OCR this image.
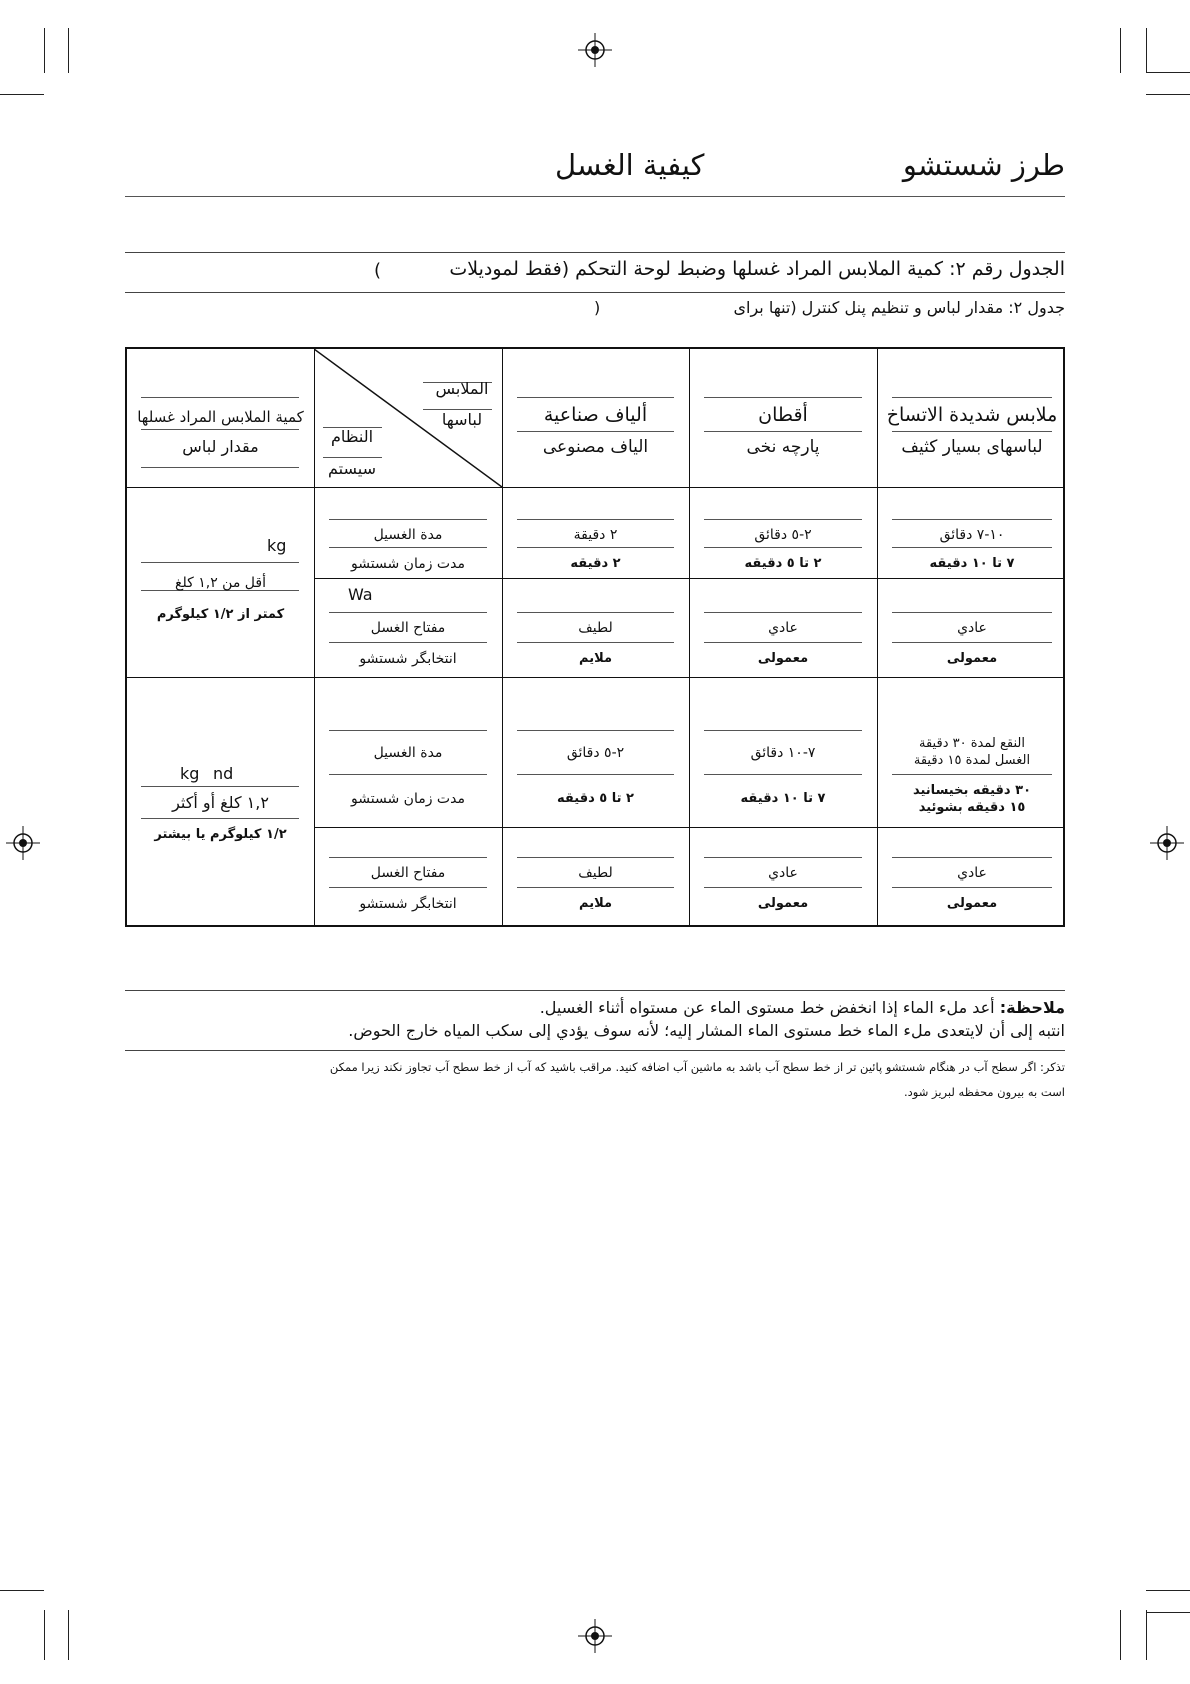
كيفية الغسل	طرز شستشو
الجدول رقم ٢: كمية الملابس المراد غسلها وضبط لوحة التحكم (فقط لموديلات
(
جدول ٢: مقدار لباس و تنظيم پنل كنترل (تنها براى
)
كمية الملابس المراد غسلها
مقدار لباس
الملابس
لباسها
النظام
سيستم
ملابس شديدة الاتساخ
لباسهاى بسيار كثيف
أقطان
پارچه نخى
ألياف صناعية
الياف مصنوعى
kg
أقل من ١,٢ كلغ
كمتر از ١/٢ كيلوگرم
مدة الغسيل
مدت زمان شستشو
Wa
مفتاح الغسل
انتخابگر شستشو
١٠-٧ دقائق
٧ تا ١٠ دقيقه
٢-٥ دقائق
٢ تا ٥ دقيقه
٢ دقيقة
٢ دقيقه
عادي
معمولى
عادي
معمولى
لطيف
ملايم
kg nd
١,٢ كلغ أو أكثر
١/٢ كيلوگرم يا بيشتر
مدة الغسيل
مدت زمان شستشو
مفتاح الغسل
انتخابگر شستشو
النقع لمدة ٣٠ دقيقة
الغسل لمدة ١٥ دقيقة
٣٠ دقيقه بخيسانيد
١٥ دقيقه بشوئيد
٧-١٠ دقائق
٧ تا ١٠ دقيقه
٢-٥ دقائق
٢ تا ٥ دقيقه
عادي
معمولى
عادي
معمولى
لطيف
ملايم
ملاحظة: أعد ملء الماء إذا انخفض خط مستوى الماء عن مستواه أثناء الغسيل.
انتبه إلى أن لايتعدى ملء الماء خط مستوى الماء المشار إليه؛ لأنه سوف يؤدي إلى سكب المياه خارج الحوض.
تذكر: اگر سطح آب در هنگام شستشو پائين تر از خط سطح آب باشد به ماشين آب اضافه كنيد. مراقب باشيد كه آب از خط سطح آب تجاوز نكند زيرا ممكن
است به بيرون محفظه لبريز شود.
